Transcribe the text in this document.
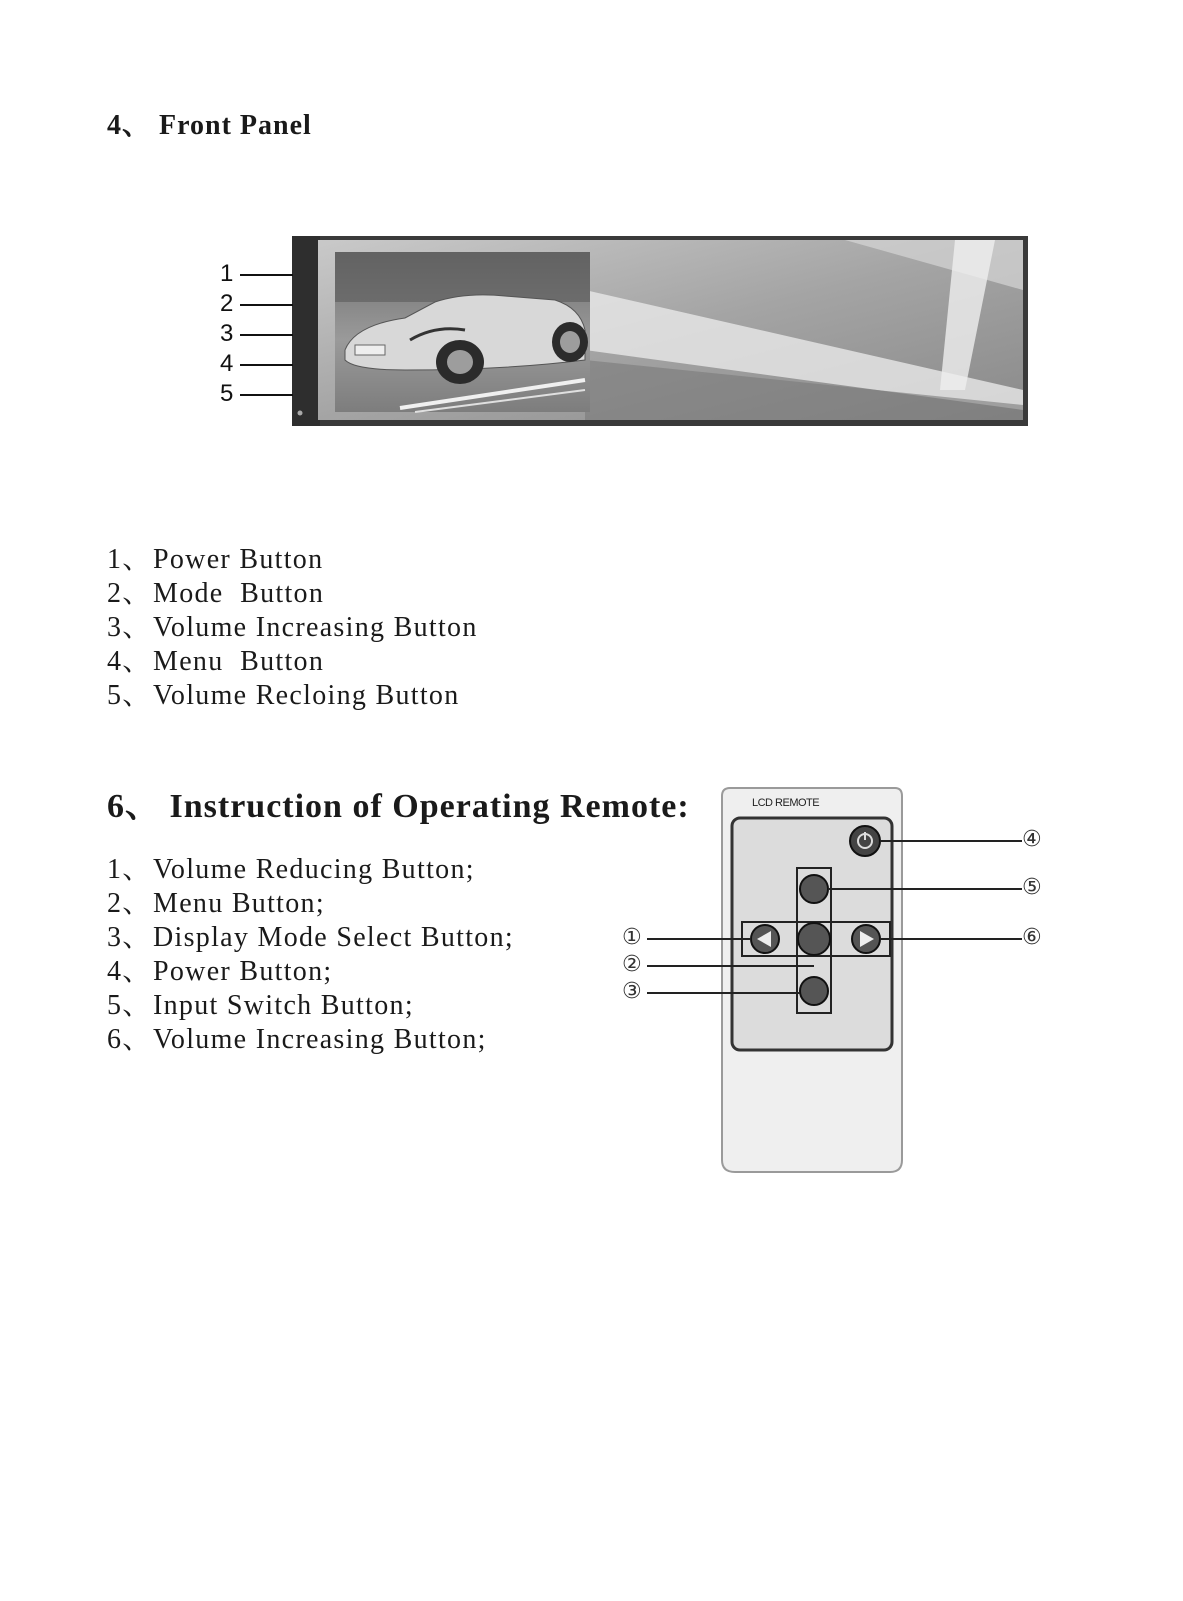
4、 Front Panel
1
2
3
4
5
1、Power Button
2、Mode  Button
3、Volume Increasing Button
4、Menu  Button
5、Volume Recloing Button
6、 Instruction of Operating Remote:
1、Volume Reducing Button;
2、Menu Button;
3、Display Mode Select Button;
4、Power Button;
5、Input Switch Button;
6、Volume Increasing Button;
LCD REMOTE
④
⑤
⑥
①
②
③
